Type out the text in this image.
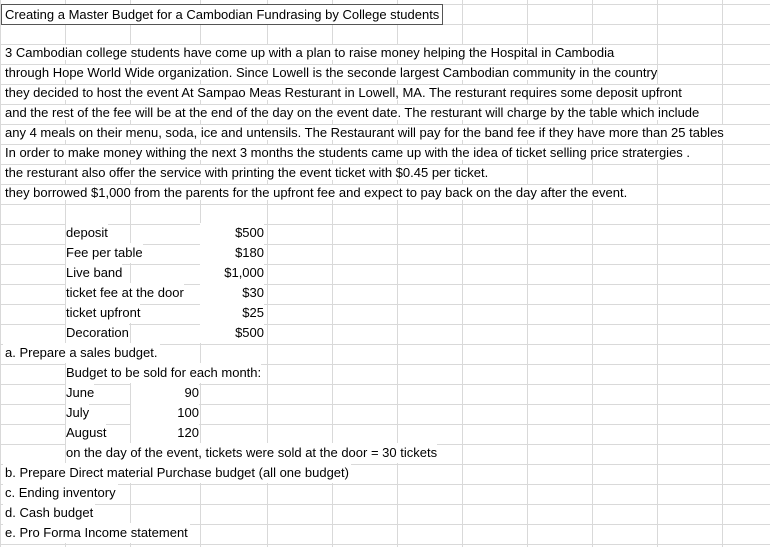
Creating a Master Budget for a Cambodian Fundrasing by College students
3 Cambodian college students have come up with a plan to raise money helping the Hospital in Cambodia
through Hope World Wide organization. Since Lowell is the seconde largest Cambodian community in the country
they decided to host the event At Sampao Meas Resturant in Lowell, MA. The resturant requires some deposit upfront
and the rest of the fee will be at the end of the day on the event date. The resturant will charge by the table which include
any 4 meals on their menu, soda, ice and untensils. The Restaurant will pay for the band fee if they have more than 25 tables
In order to make money withing the next 3 months the students came up with the idea of ticket selling price stratergies .
the resturant also offer the service with printing the event ticket with $0.45 per ticket.
they borrowed $1,000 from the parents for the upfront fee and expect to pay back on the day after the event.
deposit	$500
Fee per table	$180
Live band	$1,000
ticket fee at the door	$30
ticket upfront	$25
Decoration	$500
a. Prepare a sales budget.
Budget to be sold for each month:
June	90
July	100
August	120
on the day of the event, tickets were sold at the door = 30 tickets
b. Prepare Direct material Purchase budget (all one budget)
c. Ending inventory
d. Cash budget
e. Pro Forma Income statement
